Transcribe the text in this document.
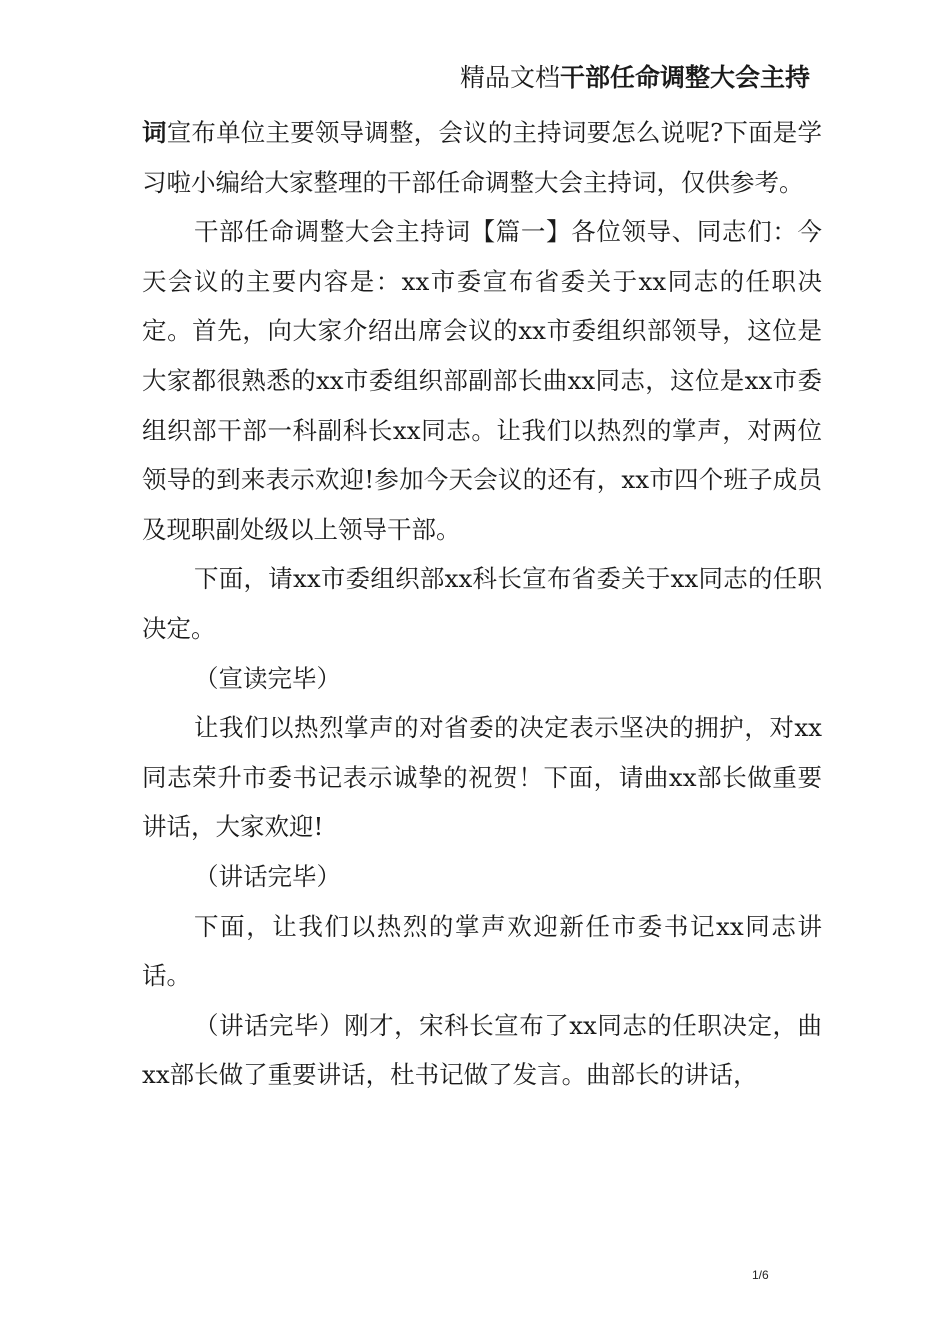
精品文档干部任命调整大会主持

词宣布单位主要领导调整，会议的主持词要怎么说呢?下面是学习啦小编给大家整理的干部任命调整大会主持词，仅供参考。

干部任命调整大会主持词【篇一】各位领导、同志们：今天会议的主要内容是：xx市委宣布省委关于xx同志的任职决定。首先，向大家介绍出席会议的xx市委组织部领导，这位是大家都很熟悉的xx市委组织部副部长曲xx同志，这位是xx市委组织部干部一科副科长xx同志。让我们以热烈的掌声，对两位领导的到来表示欢迎!参加今天会议的还有，xx市四个班子成员及现职副处级以上领导干部。

下面，请xx市委组织部xx科长宣布省委关于xx同志的任职决定。

（宣读完毕）

让我们以热烈掌声的对省委的决定表示坚决的拥护，对xx同志荣升市委书记表示诚挚的祝贺！下面，请曲xx部长做重要讲话，大家欢迎!

（讲话完毕）

下面，让我们以热烈的掌声欢迎新任市委书记xx同志讲话。

（讲话完毕）刚才，宋科长宣布了xx同志的任职决定，曲xx部长做了重要讲话，杜书记做了发言。曲部长的讲话，

1/6
